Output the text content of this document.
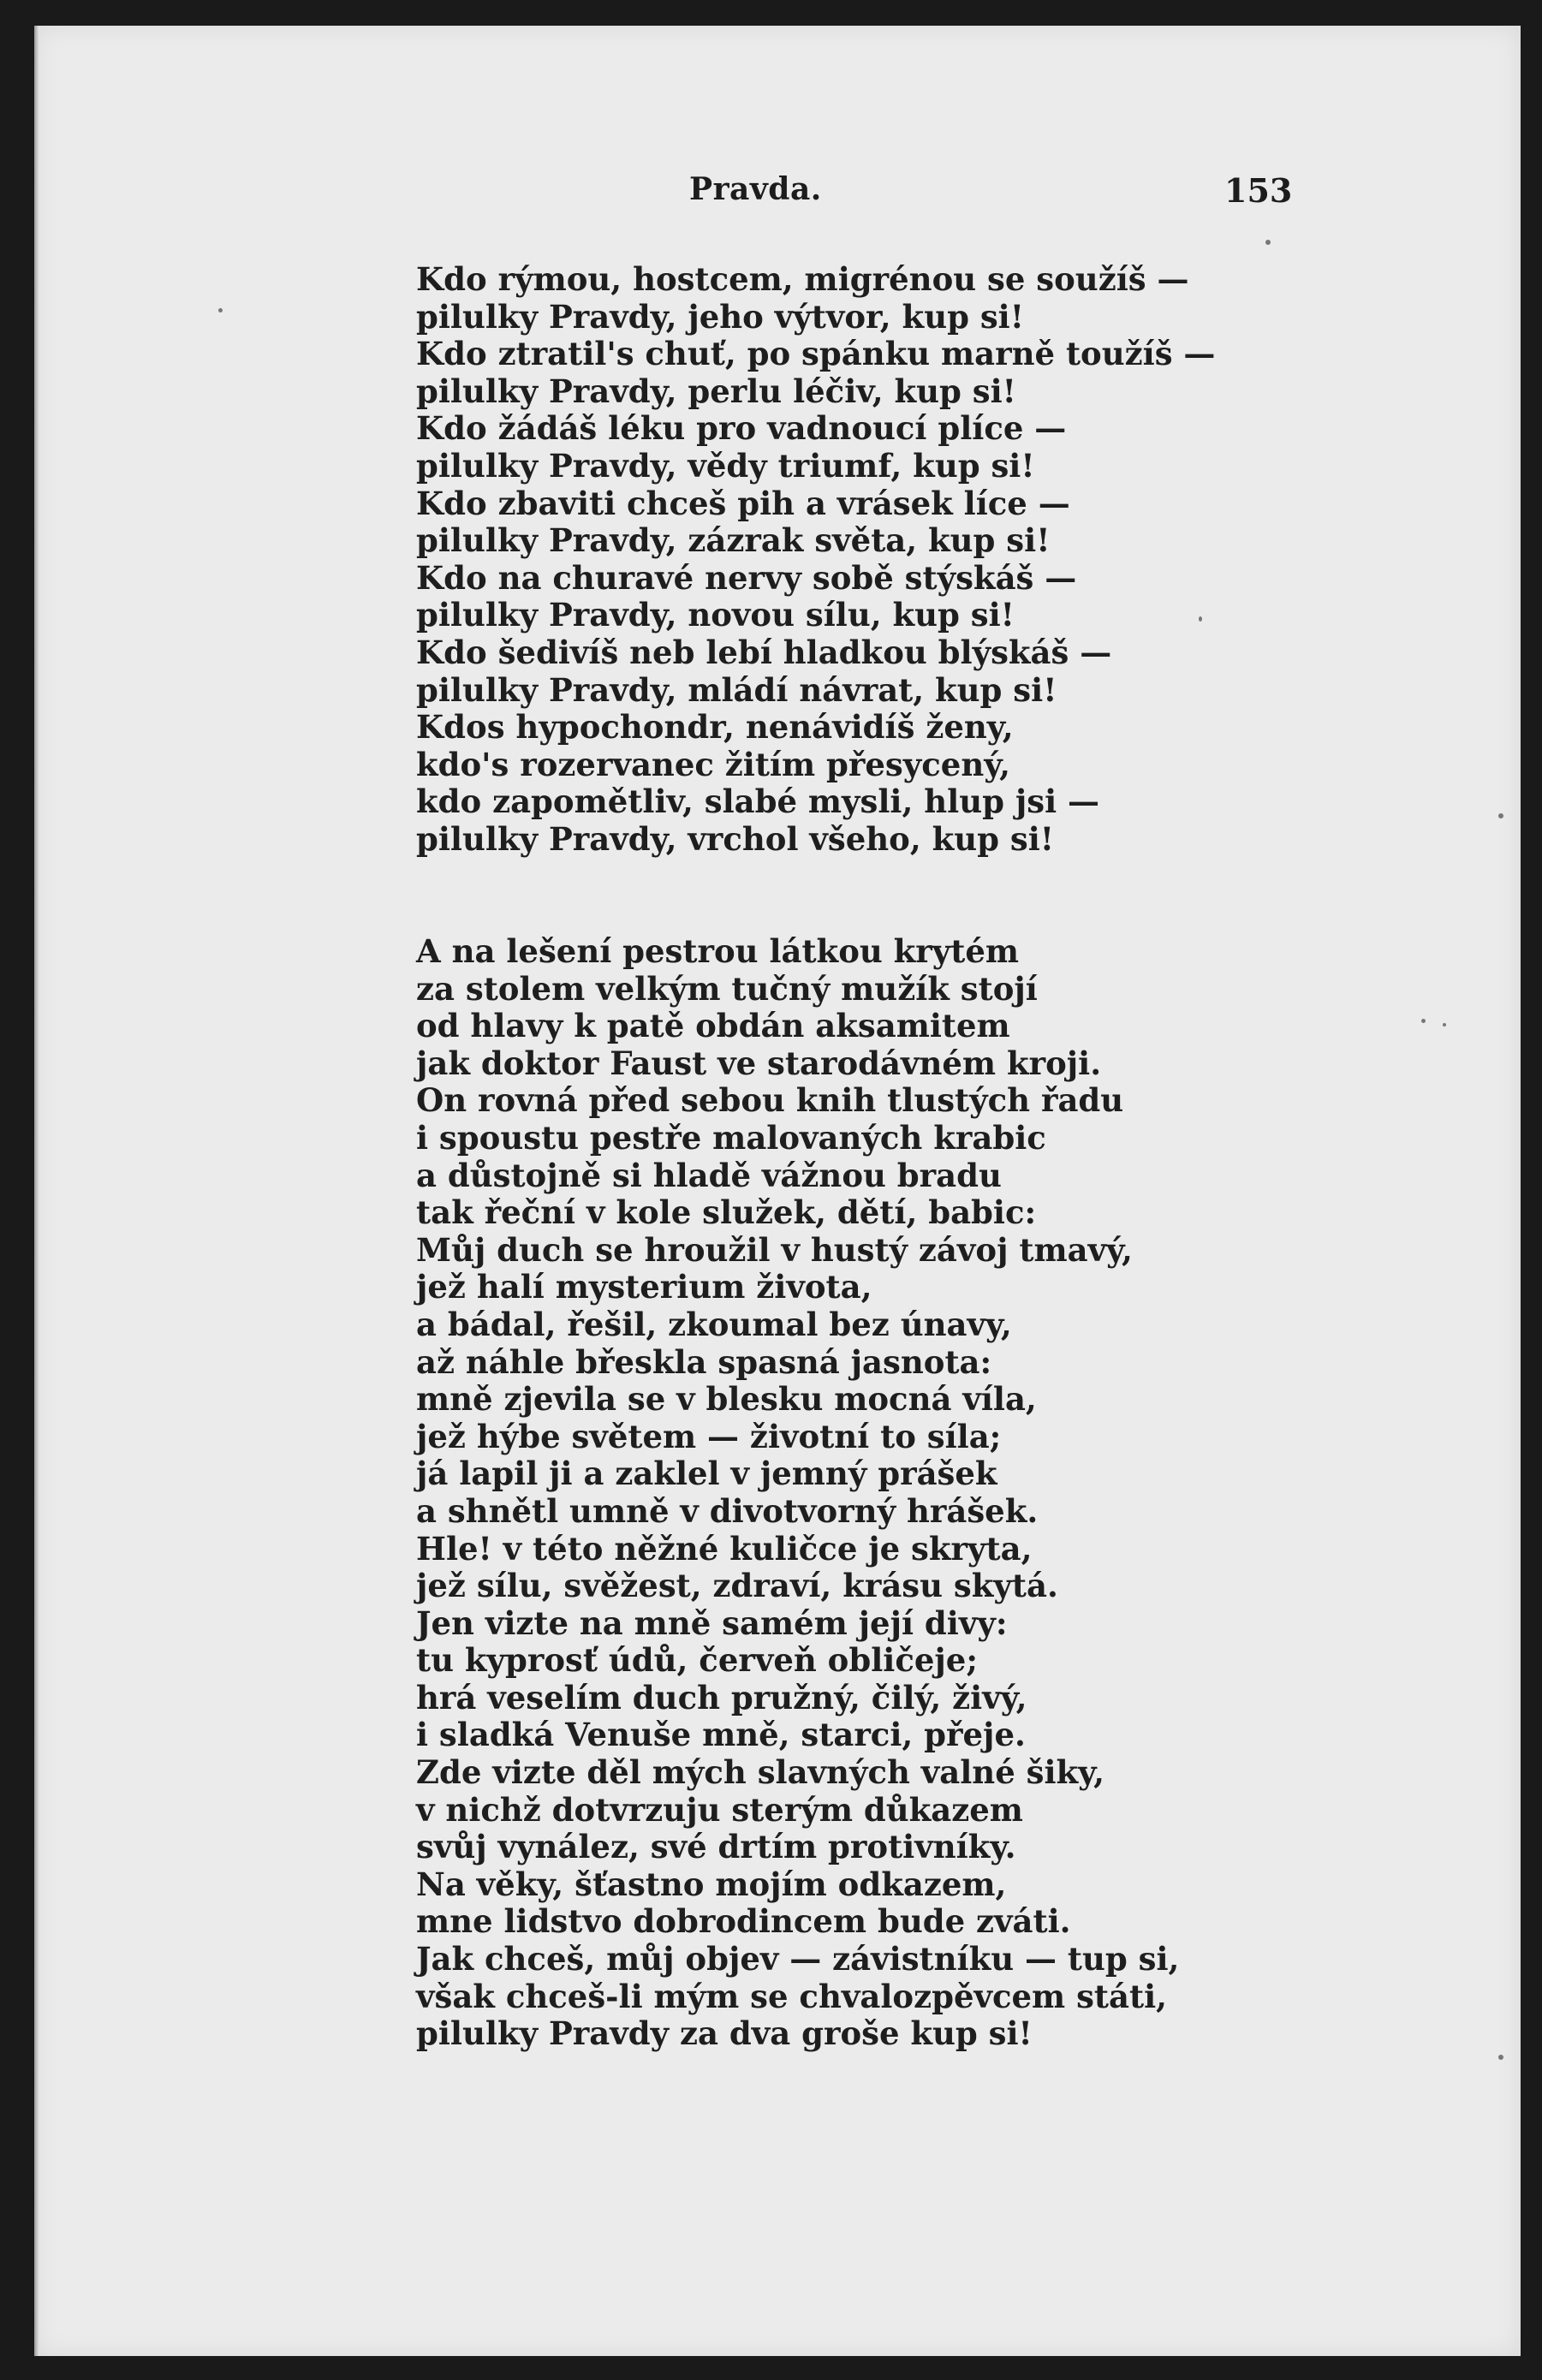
Pravda.	153
Kdo rýmou, hostcem, migrénou se soužíš —
pilulky Pravdy, jeho výtvor, kup si!
Kdo ztratil's chuť, po spánku marně toužíš —
pilulky Pravdy, perlu léčiv, kup si!
Kdo žádáš léku pro vadnoucí plíce —
pilulky Pravdy, vědy triumf, kup si!
Kdo zbaviti chceš pih a vrásek líce —
pilulky Pravdy, zázrak světa, kup si!
Kdo na churavé nervy sobě stýskáš —
pilulky Pravdy, novou sílu, kup si!
Kdo šedivíš neb lebí hladkou blýskáš —
pilulky Pravdy, mládí návrat, kup si!
Kdos hypochondr, nenávidíš ženy,
kdo's rozervanec žitím přesycený,
kdo zapomětliv, slabé mysli, hlup jsi —
pilulky Pravdy, vrchol všeho, kup si!
A na lešení pestrou látkou krytém
za stolem velkým tučný mužík stojí
od hlavy k patě obdán aksamitem
jak doktor Faust ve starodávném kroji.
On rovná před sebou knih tlustých řadu
i spoustu pestře malovaných krabic
a důstojně si hladě vážnou bradu
tak řeční v kole služek, dětí, babic:
Můj duch se hroužil v hustý závoj tmavý,
jež halí mysterium života,
a bádal, řešil, zkoumal bez únavy,
až náhle břeskla spasná jasnota:
mně zjevila se v blesku mocná víla,
jež hýbe světem — životní to síla;
já lapil ji a zaklel v jemný prášek
a shnětl umně v divotvorný hrášek.
Hle! v této něžné kuličce je skryta,
jež sílu, svěžest, zdraví, krásu skytá.
Jen vizte na mně samém její divy:
tu kyprosť údů, červeň obličeje;
hrá veselím duch pružný, čilý, živý,
i sladká Venuše mně, starci, přeje.
Zde vizte děl mých slavných valné šiky,
v nichž dotvrzuju sterým důkazem
svůj vynález, své drtím protivníky.
Na věky, šťastno mojím odkazem,
mne lidstvo dobrodincem bude zváti.
Jak chceš, můj objev — závistníku — tup si,
však chceš-li mým se chvalozpěvcem státi,
pilulky Pravdy za dva groše kup si!
